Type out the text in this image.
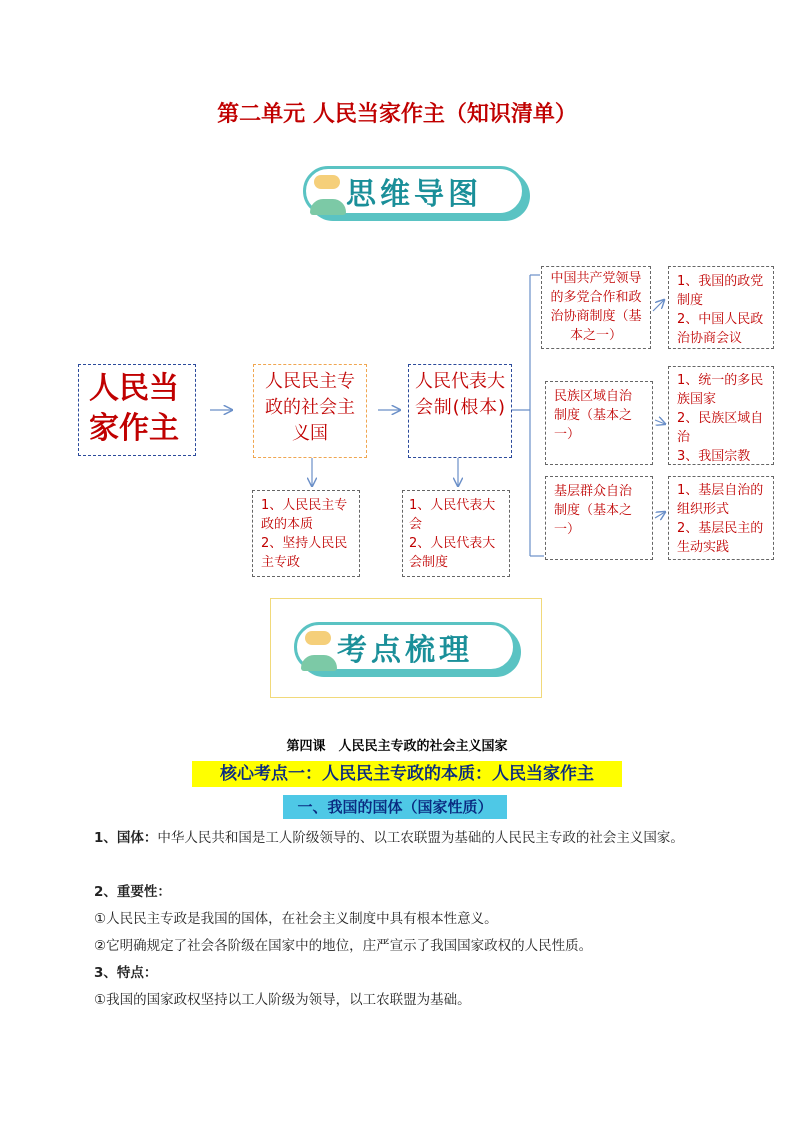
第二单元 人民当家作主（知识清单）
思维导图
人民当家作主
人民民主专政的社会主义国
人民代表大会制(根本)
1、人民民主专政的本质
2、坚持人民民主专政
1、人民代表大会
2、人民代表大会制度
中国共产党领导的多党合作和政治协商制度（基本之一）
民族区域自治制度（基本之一）
基层群众自治制度（基本之一）
1、我国的政党制度
2、中国人民政治协商会议
1、统一的多民族国家
2、民族区域自治
3、我国宗教
1、基层自治的组织形式
2、基层民主的生动实践
考点梳理
第四课　人民民主专政的社会主义国家
核心考点一：人民民主专政的本质：人民当家作主
一、我国的国体（国家性质）
1、国体：中华人民共和国是工人阶级领导的、以工农联盟为基础的人民民主专政的社会主义国家。
2、重要性：
①人民民主专政是我国的国体，在社会主义制度中具有根本性意义。
②它明确规定了社会各阶级在国家中的地位，庄严宣示了我国国家政权的人民性质。
3、特点：
①我国的国家政权坚持以工人阶级为领导，以工农联盟为基础。
